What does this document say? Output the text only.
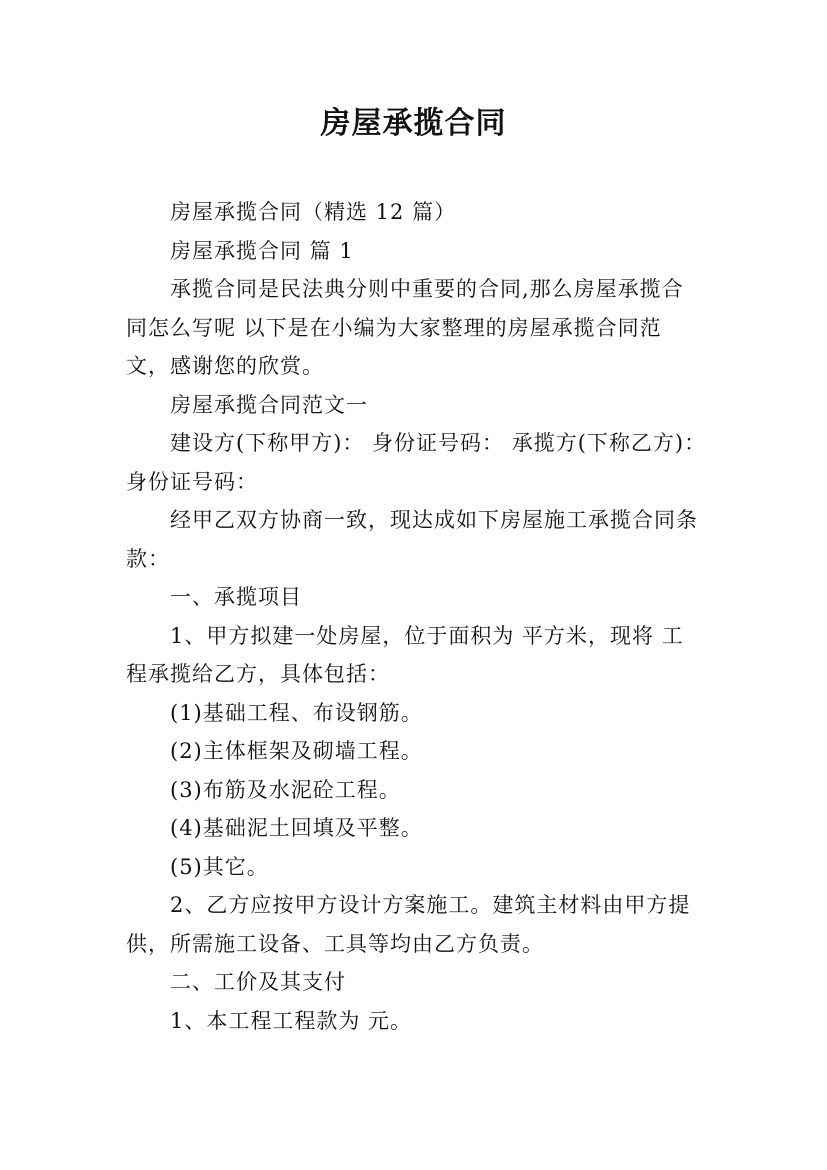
房屋承揽合同
房屋承揽合同（精选 12 篇）
房屋承揽合同 篇 1
承揽合同是民法典分则中重要的合同,那么房屋承揽合
同怎么写呢 以下是在小编为大家整理的房屋承揽合同范
文，感谢您的欣赏。
房屋承揽合同范文一
建设方(下称甲方)： 身份证号码： 承揽方(下称乙方)：
身份证号码：
经甲乙双方协商一致，现达成如下房屋施工承揽合同条
款：
一、承揽项目
1、甲方拟建一处房屋，位于面积为 平方米，现将 工
程承揽给乙方，具体包括：
(1)基础工程、布设钢筋。
(2)主体框架及砌墙工程。
(3)布筋及水泥砼工程。
(4)基础泥土回填及平整。
(5)其它。
2、乙方应按甲方设计方案施工。建筑主材料由甲方提
供，所需施工设备、工具等均由乙方负责。
二、工价及其支付
1、本工程工程款为 元。
